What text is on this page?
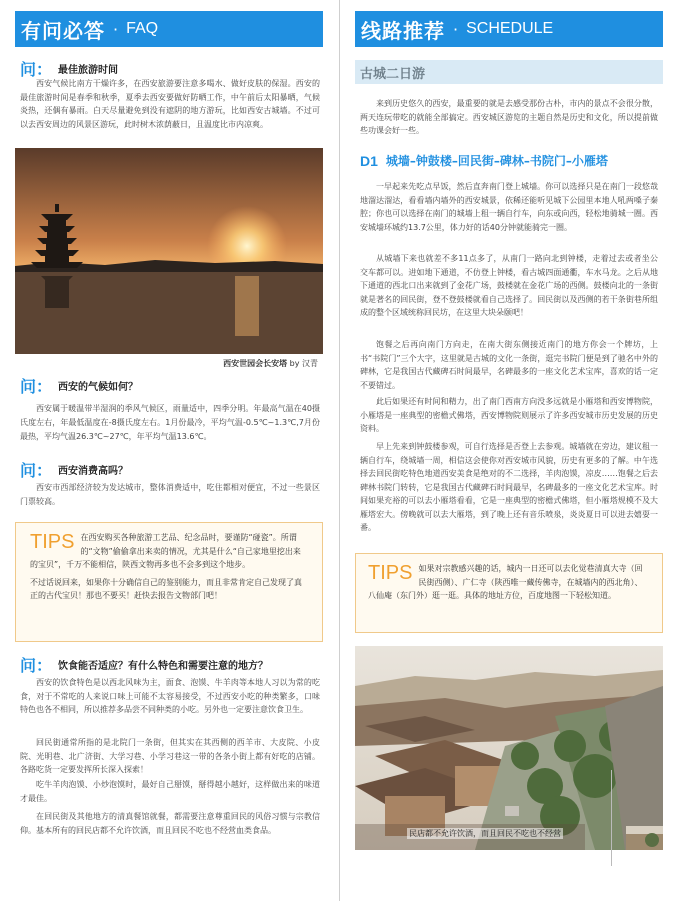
有问必答 · FAQ
问： 最佳旅游时间

西安气候比南方干燥许多，在西安旅游要注意多喝水、做好皮肤的保湿。西安的最佳旅游时间是春季和秋季，夏季去西安要做好防晒工作，中午前后太阳暴晒，气候炎热，还偶有暴雨。白天尽量避免到没有遮阴的地方游玩，比如西安古城墙。不过可以去西安周边的风景区游玩，此时树木浓荫蔽日，且温度比市内凉爽。

西安世园会长安塔 by 汉青
问： 西安的气候如何？

西安属于暖温带半湿润的季风气候区，雨量适中，四季分明。年最高气温在40摄氏度左右，年最低温度在-8摄氏度左右。1月份最冷，平均气温-0.5℃~1.3℃,7月份最热，平均气温26.3℃~27℃，年平均气温13.6℃。

问： 西安消费高吗？

西安市西部经济较为发达城市，整体消费适中，吃住都相对便宜，不过一些景区门票较高。

TIPS 在西安购买各种旅游工艺品、纪念品时，要谨防“碰瓷”。所谓的“文物”偷偷拿出来卖的情况，尤其是什么“自己家地里挖出来的宝贝”，千万不能相信，陕西文物再多也不会多到这个地步。

不过话说回来，如果你十分确信自己的鉴别能力，而且非常肯定自己发现了真正的古代宝贝！那也不要买！赶快去报告文物部门吧！

问： 饮食能否适应？有什么特色和需要注意的地方？

西安的饮食特色是以西北风味为主，面食、泡馍、牛羊肉等本地人习以为常的吃食，对于不常吃的人来说口味上可能不太容易接受，不过西安小吃的种类繁多，口味特色也各不相同，所以推荐多品尝不同种类的小吃。另外也一定要注意饮食卫生。

回民街通常所指的是北院门一条街，但其实在其西侧的西羊市、大皮院、小皮院、光明巷、北广济街、大学习巷、小学习巷这一带的各条小街上都有好吃的店铺。各路吃货一定要发挥所长深入探索！

吃牛羊肉泡馍、小炒泡馍时，最好自己掰馍，掰得越小越好，这样做出来的味道才最佳。

在回民街及其他地方的清真餐馆就餐，都需要注意尊重回民的风俗习惯与宗教信仰。基本所有的回民店都不允许饮酒，而且回民不吃也不经营血类食品。

线路推荐 · SCHEDULE
古城二日游

来到历史悠久的西安，最重要的就是去感受那份古朴，市内的景点不会很分散，两天连玩带吃的就能全部搞定。西安城区游览的主题自然是历史和文化，所以提前做些功课会好一些。

D1 城墙–钟鼓楼–回民街–碑林–书院门–小雁塔

一早起来先吃点早饭，然后直奔南门登上城墙。你可以选择只是在南门一段悠哉地溜达溜达，看看墙内墙外的西安城景，依稀还能听见城下公园里本地人吼两嗓子秦腔；你也可以选择在南门的城墙上租一辆自行车，向东或向西，轻松地骑城一圈。西安城墙环城约13.7公里，体力好的话40分钟就能骑完一圈。

从城墙下来也就差不多11点多了，从南门一路向北到钟楼，走着过去或者坐公交车都可以。进如地下通道，不仿登上钟楼，看古城四面通衢，车水马龙。之后从地下通道的西北口出来就到了金花广场，鼓楼就在金花广场的西侧。鼓楼向北的一条街就是著名的回民街，登不登鼓楼就看自己选择了。回民街以及西侧的若干条街巷所组成的整个区域统称回民坊，在这里大块朵颐吧！

饱餐之后再向南门方向走，在南大街东侧接近南门的地方你会一个牌坊，上书“书院门”三个大字，这里就是古城的文化一条街，逛完书院门便是到了驰名中外的碑林，它是我国古代藏碑石时间最早，名碑最多的一座文化艺术宝库，喜欢的话一定不要错过。

此后如果还有时间和精力，出了南门西南方向没多远就是小雁塔和西安博物院，小雁塔是一座典型的密檐式佛塔，西安博物院则展示了许多西安城市历史发展的历史资料。

早上先来到钟鼓楼参观，可自行选择是否登上去参观。城墙就在旁边，建议租一辆自行车，绕城墙一周，相信这会使你对西安城市风貌，历史有更多的了解。中午选择去回民街吃特色地道西安美食是绝对的不二选择，羊肉泡馍，凉皮……饱餐之后去碑林书院门转转，它是我国古代藏碑石时间最早，名碑最多的一座文化艺术宝库。时间如果充裕的可以去小雁塔看看，它是一座典型的密檐式佛塔，但小雁塔规模不及大雁塔宏大。傍晚就可以去大雁塔，到了晚上还有音乐喷泉，炎炎夏日可以进去嬉耍一番。

TIPS 如果对宗教感兴趣的话，城内一日还可以去化觉巷清真大寺（回民街西侧）、广仁寺（陕西唯一藏传佛寺，在城墙内的西北角）、八仙庵（东门外）逛一逛。具体的地址方位，百度地图一下轻松知道。

民店都不允许饮酒，而且回民不吃也不经营
